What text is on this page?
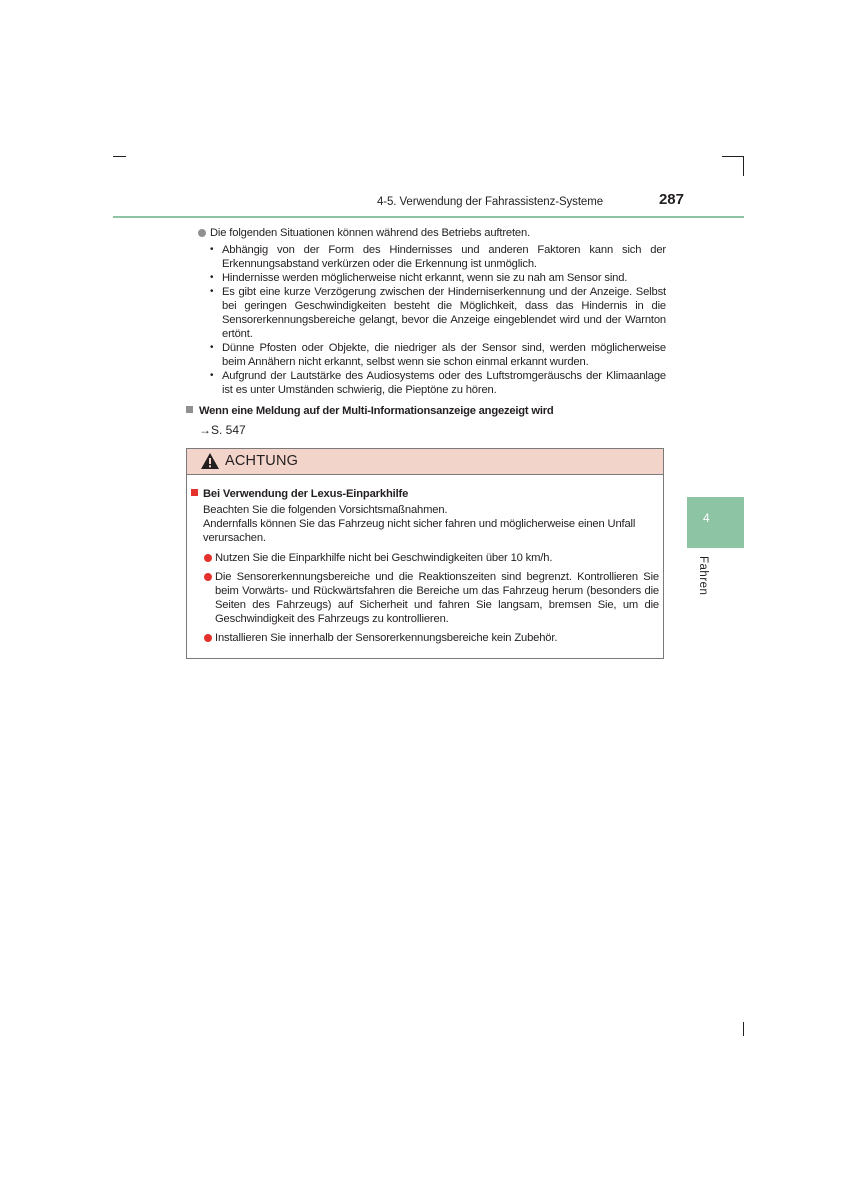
4-5. Verwendung der Fahrassistenz-Systeme	287
4
Fahren
Die folgenden Situationen können während des Betriebs auftreten.
• Abhängig von der Form des Hindernisses und anderen Faktoren kann sich der Erkennungsabstand verkürzen oder die Erkennung ist unmöglich.
• Hindernisse werden möglicherweise nicht erkannt, wenn sie zu nah am Sensor sind.
• Es gibt eine kurze Verzögerung zwischen der Hinderniserkennung und der Anzeige. Selbst bei geringen Geschwindigkeiten besteht die Möglichkeit, dass das Hindernis in die Sensorerkennungsbereiche gelangt, bevor die Anzeige eingeblendet wird und der Warnton ertönt.
• Dünne Pfosten oder Objekte, die niedriger als der Sensor sind, werden möglicherweise beim Annähern nicht erkannt, selbst wenn sie schon einmal erkannt wurden.
• Aufgrund der Lautstärke des Audiosystems oder des Luftstromgeräuschs der Klimaanlage ist es unter Umständen schwierig, die Pieptöne zu hören.
Wenn eine Meldung auf der Multi-Informationsanzeige angezeigt wird
→S. 547
ACHTUNG
Bei Verwendung der Lexus-Einparkhilfe
Beachten Sie die folgenden Vorsichtsmaßnahmen.
Andernfalls können Sie das Fahrzeug nicht sicher fahren und möglicherweise einen Unfall verursachen.
Nutzen Sie die Einparkhilfe nicht bei Geschwindigkeiten über 10 km/h.
Die Sensorerkennungsbereiche und die Reaktionszeiten sind begrenzt. Kontrollieren Sie beim Vorwärts- und Rückwärtsfahren die Bereiche um das Fahrzeug herum (besonders die Seiten des Fahrzeugs) auf Sicherheit und fahren Sie langsam, bremsen Sie, um die Geschwindigkeit des Fahrzeugs zu kontrollieren.
Installieren Sie innerhalb der Sensorerkennungsbereiche kein Zubehör.
